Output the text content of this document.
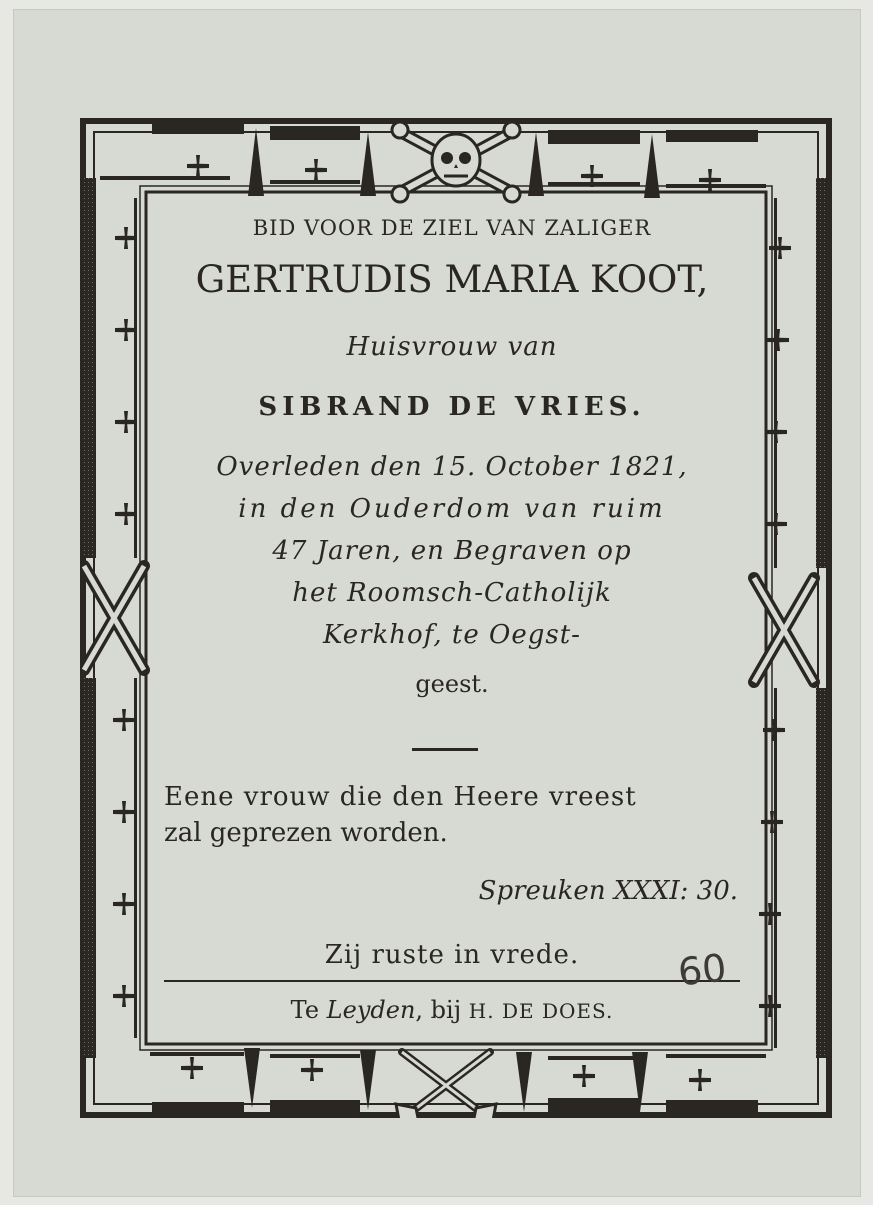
BID VOOR DE ZIEL VAN ZALIGER
GERTRUDIS MARIA KOOT,
Huisvrouw van
SIBRAND DE VRIES.
Overleden den 15. October 1821,
in den Ouderdom van ruim
47 Jaren, en Begraven op
het Roomsch-Catholijk
Kerkhof, te Oegst-
geest.
Eene vrouw die den Heere vreest
zal geprezen worden.
Spreuken XXXI: 30.
Zij ruste in vrede.
Te Leyden, bij H. DE DOES.
60
